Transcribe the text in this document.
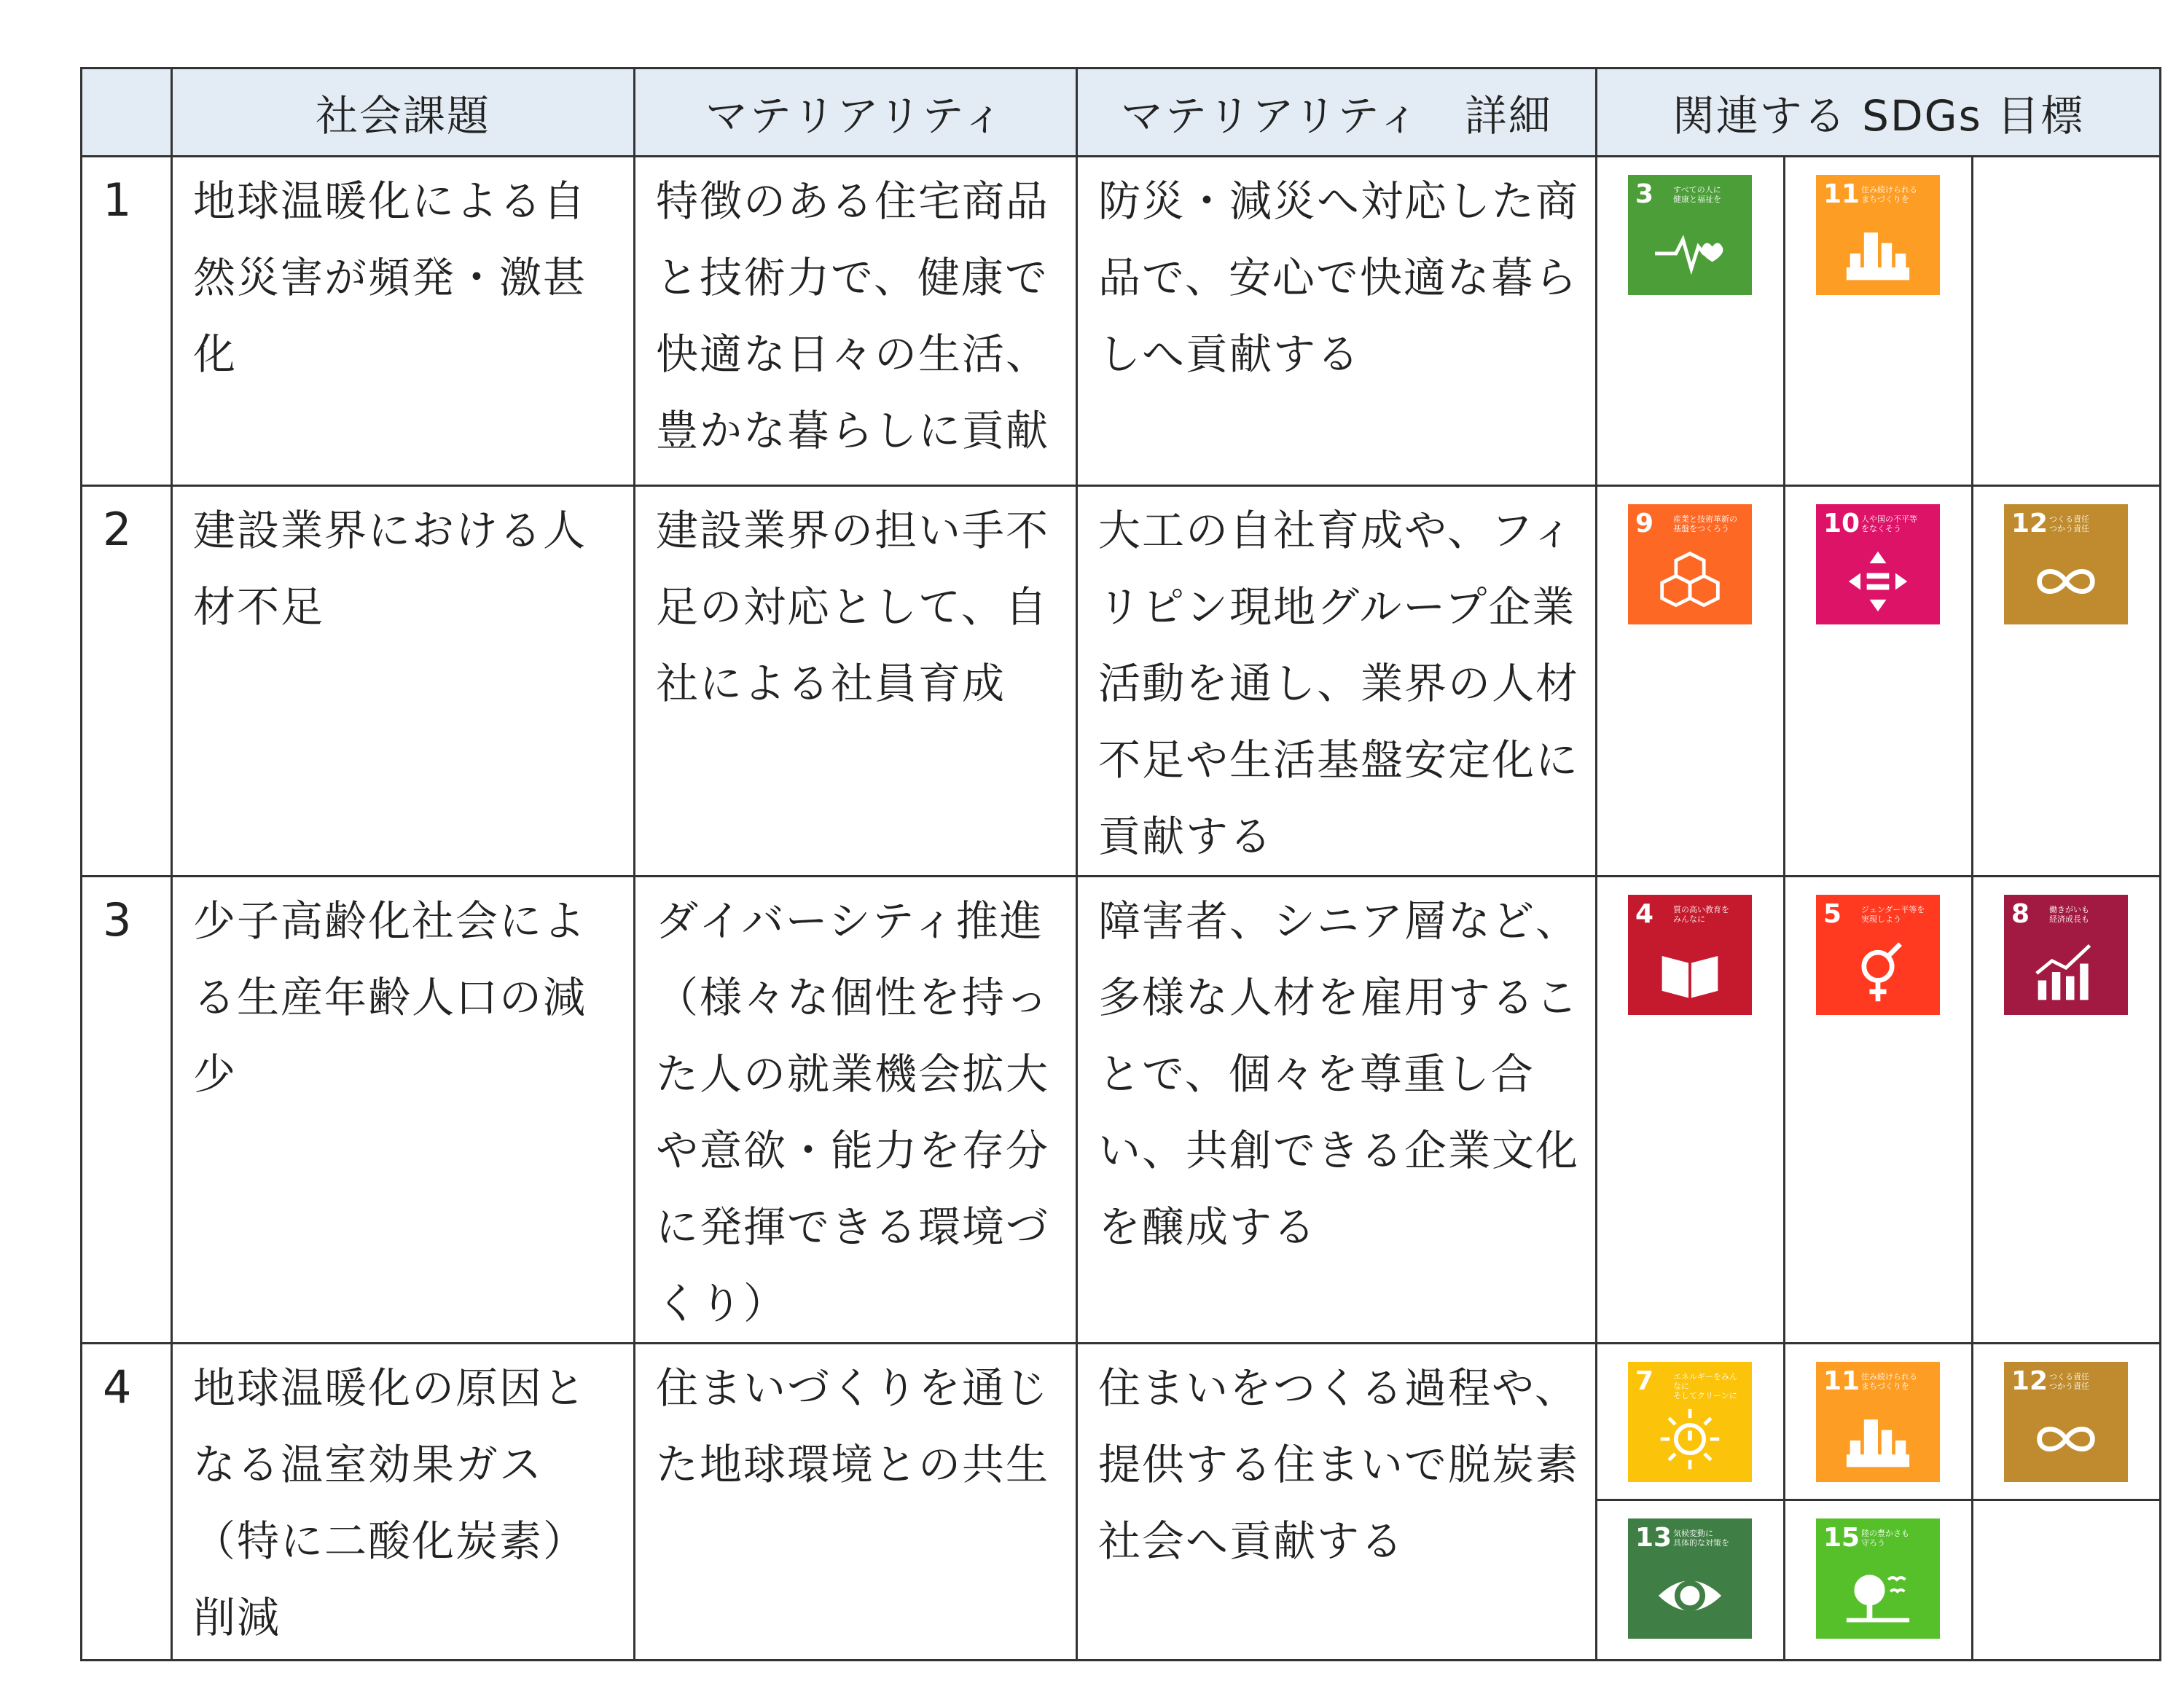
	社会課題	マテリアリティ	マテリアリティ　詳細	関連する SDGs 目標		
1	地球温暖化による自然災害が頻発・激甚化	特徴のある住宅商品と技術力で、健康で快適な日々の生活、豊かな暮らしに貢献	防災・減災へ対応した商品で、安心で快適な暮らしへ貢献する	3 すべての人に
健康と福祉を	11 住み続けられる
まちづくりを	

2	建設業界における人材不足	建設業界の担い手不足の対応として、自社による社員育成	大工の自社育成や、フィリピン現地グループ企業活動を通し、業界の人材不足や生活基盤安定化に貢献する	9 産業と技術革新の
基盤をつくろう	10 人や国の不平等
をなくそう	12 つくる責任
つかう責任

3	少子高齢化社会による生産年齢人口の減少	ダイバーシティ推進（様々な個性を持った人の就業機会拡大や意欲・能力を存分に発揮できる環境づくり）	障害者、シニア層など、多様な人材を雇用することで、個々を尊重し合い、共創できる企業文化を醸成する	4 質の高い教育を
みんなに	5 ジェンダー平等を
実現しよう	8 働きがいも
経済成長も

4	地球温暖化の原因となる温室効果ガス（特に二酸化炭素）削減	住まいづくりを通じた地球環境との共生	住まいをつくる過程や、提供する住まいで脱炭素社会へ貢献する	7 エネルギーをみんなに
そしてクリーンに	11 住み続けられる
まちづくりを	12 つくる責任
つかう責任

				13 気候変動に
具体的な対策を	15 陸の豊かさも
守ろう	
